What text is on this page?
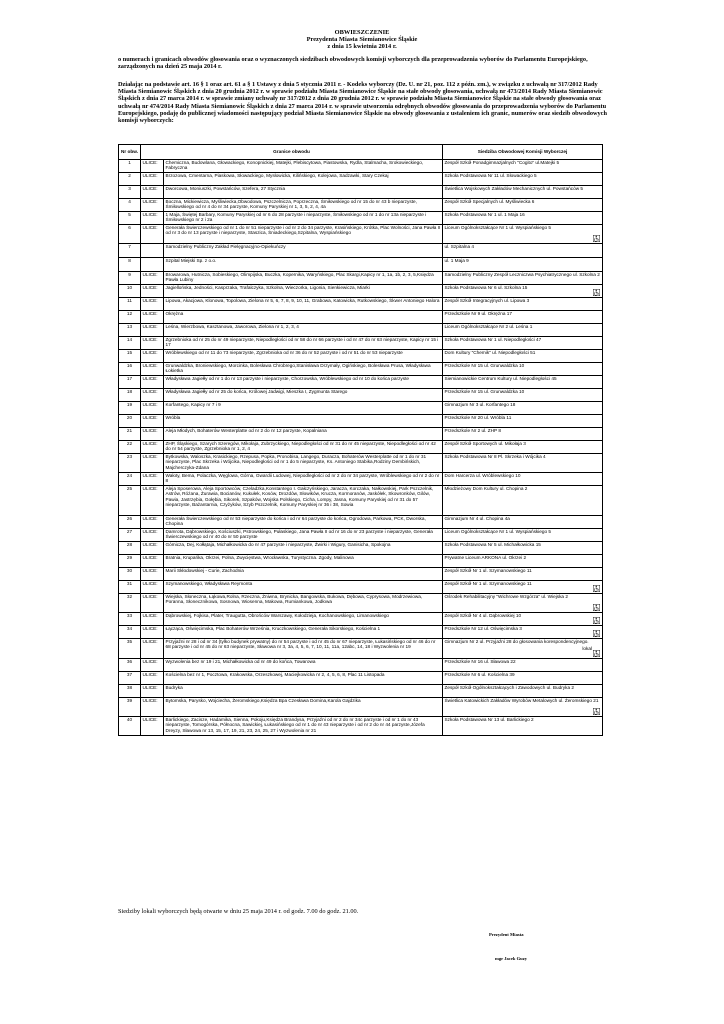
OBWIESZCZENIE
Prezydenta Miasta Siemianowice Śląskie
z dnia 15 kwietnia 2014 r.
o numerach i granicach obwodów głosowania oraz o wyznaczonych siedzibach obwodowych komisji wyborczych dla przeprowadzenia wyborów do Parlamentu Europejskiego, zarządzonych na dzień 25 maja 2014 r.
Działając na podstawie art. 16 § 1 oraz art. 61 a § 1 Ustawy z dnia 5 stycznia 2011 r. - Kodeks wyborczy (Dz. U. nr 21, poz. 112 z późn. zm.), w związku z uchwałą nr 317/2012 Rady Miasta Siemianowic Śląskich z dnia 20 grudnia 2012 r. w sprawie podziału Miasta Siemianowice Śląskie na stałe obwody głosowania, uchwałą nr 473/2014 Rady Miasta Siemianowic Śląskich z dnia 27 marca 2014 r. w sprawie zmiany uchwały nr 317/2012 z dnia 20 grudnia 2012 r. w sprawie podziału Miasta Siemianowice Śląskie na stałe obwody głosowania oraz uchwałą nr 474/2014 Rady Miasta Siemianowic Śląskich z dnia 27 marca 2014 r. w sprawie utworzenia odrębnych obwodów głosowania do przeprowadzenia wyborów do Parlamentu Europejskiego, podaję do publicznej wiadomości następujący podział Miasta Siemianowice Śląskie na obwody głosowania z ustaleniem ich granic, numerów oraz siedzib obwodowych komisji wyborczych:
Nr obw.	Granice obwodu		Siedziba Obwodowej Komisji Wyborczej
1	ULICE:	Chemiczna, Budowlana, Głowackiego, Konopnickiej, Matejki, Plebiscytowa, Piastowska, Rydla, Stalmacha, Srokowieckiego, Fabryczna	Zespół Szkół Ponadgimnazjalnych "Cogito" ul.Matejki 5
2	ULICE:	Brzozowa, Cmentarna, Piaskowa, Słowackiego, Mysłowicka, Kilińskiego, Kolejowa, Sadzawki, Stary Czekaj	Szkoła Podstawowa Nr 11 ul. Słowackiego 5
3	ULICE:	Dworcowa, Moniuszki, Powstańców, Szefera, 27 Stycznia	Świetlica Wojskowych Zakładów Mechanicznych ul. Powstańców 5
4	ULICE:	Boczna, Mickiewicza, Myśliwiecka,Obwodowa, Pszczelnicza, Poprzeczna, Śmiłowskiego od nr 15 do nr 43 b nieparzyste, Śmiłowskiego od nr 4 do nr 34 parzyste, Komuny Paryskiej nr 1, 3, 5, 2, 4, 4a	Zespół Szkół Specjalnych ul. Myśliwiecka 6
5	ULICE:	1 Maja, Świętej Barbary, Komuny Paryskiej od nr 6 do 28 parzyste i nieparzyste, Śmiłowskiego od nr 1 do nr 13a nieparzyste i Śmiłowskiego nr 2 i 2a	Szkoła Podstawowa Nr 1 ul. 1 Maja 16
6	ULICE:	Generała Świerczewskiego od nr 1 do nr 51 nieparzyste i od nr 2 do 34 parzyste, Krasińskiego, Krótka, Plac Wolności, Jana Pawła II od nr 3 do nr 13 parzyste i nieparzyste, Staszica, Śniadeckiego,Szpitalna, Wyspiańskiego	Liceum Ogólnokształcące Nr 1 ul. Wyspiańskiego 5

7		Samodzielny Publiczny Zakład Pielęgnacyjno-Opiekuńczy	ul. Szpitalna 4
8		Szpital Miejski Sp. z o.o.	ul. 1 Maja 9
9	ULICE:	Browarowa, Hutnicza, Sobieskiego, Olimpijska, Buczka, Kopernika, Waryńskiego, Plac Skargi,Kapicy nr 1, 1a, 1b, 2, 3, 5,Księdza Pawła Lubiny	Samodzielny Publiczny Zespół Leczniczwa Psychiatrycznego ul. Szkolna 2
10	ULICE:	Jagiellońska, Jedności, Kasprzaka, Trafalczyka, Szkolna, Wieczorka, Ligonia, Sienkiewicza, Miarki	Szkoła Podstawowa Nr 6 ul. Szkolna 15

11	ULICE:	Lipowa, Akacjowa, Klonowa, Topolowa, Zielona nr 5, 6, 7, 8, 9, 10, 11, Grabowa, Katowicka, Rutkowskiego, Śkwer Antoniego Halora	Zespół Szkół Integracyjnych ul. Lipowa 3
12	ULICE:	Okrężna	Przedszkole Nr 9 ul. Okrężna 17
13	ULICE:	Leśna, Wierzbowa, Kasztanowa, Jaworowa, Zielona nr 1, 2, 3, 4	Liceum Ogólnokształcące Nr 2 ul. Leśna 1
14	ULICE:	Zgrzebnioka od nr 25 do nr 49 nieparzyste, Niepodległości od nr 58 do nr 66 parzyste i od nr 47 do nr 63 nieparzyste, Kapicy nr 15 i 17	Szkoła Podstawowa Nr 1 ul. Niepodległości 47
15	ULICE:	Wróblewskiego od nr 11 do 73 nieparzyste, Zgrzebnioka od nr 36 do nr 52 parzyste i od nr 51 do nr 53 nieparzyste	Dom Kultury "Chemik" ul. Niepodległości 51
16	ULICE:	Grunwaldzka, Broniewskiego, Morcinka, Bolesława Chrobrego,Stanisława Drzymały, Ogińskiego, Bolesława Prusa, Władysława Łokietka	Przedszkole Nr 15 ul. Grunwaldzka 10
17	ULICE:	Władysława Jagiełły od nr 1 do nr 13 parzyste i nieparzyste, Chorzowska, Wróblewskiego od nr 10 do końca parzyste	Siemianowickie Centrum Kultury ul. Niepodległości 45
18	ULICE:	Władysława Jagiełły od nr 25 do końca, Królowej Jadwigi, Mieszka I, Zygmunta Starego	Przedszkole Nr 15 ul. Grunwaldzka 10
19	ULICE:	Korfantego, Kapicy nr 7 i 9	Gimnazjum Nr 3 ul. Korfantego 18
20	ULICE:	Wróbla	Przedszkole Nr 20 ul. Wróbla 11
21	ULICE:	Aleja Młodych, Bohaterów Westerplatte od nr 2 do nr 12 parzyste, Kopalniana	Przedszkole Nr 2 ul. ZHP 8
22	ULICE:	ZHP, Śląskiego, Szarych Szeregów, Mikołaja, Zubrzyckiego, Niepodległości od nr 31 do nr 45 nieparzyste, Niepodległości od nr 42 do nr 54 parzyste, Zgrzebnioka nr 1, 2, 4	Zespół Szkół Sportowych ul. Mikołaja 3
23	ULICE:	Bytkowska, Waloszka, Krasickiego, Rzepusa, Popka, Pronobisa, Langego, Duracza, Bohaterów Westerplatte od nr 1 do nr 31 nieparzyste, Plac Skrzeka i Wójcika, Niepodległości od nr 1 do 5 nieparzyste, Ks. Antoniego Stabika,Rodziny Dembińskich, Majcherczyka-Zdana	Szkoła Podstawowa Nr 8 Pl. Skrzeka i Wójcika 4
24	ULICE:	Wałoty, Bema, Polaczka, Węglowa, Górna, Gwardii Ludowej, Niepodległości od nr 2 do nr 34 parzyste, Wróblewskiego od nr 2 do nr 8	Dom Harcerza ul. Wróblewskiego 10
25	ULICE:	Aleja Sposerowa, Aleja Sportowców, Czeladzka,Konstantego I. Gałczyńskiego, Jaracza, Korczaka, Nałkowskiej, Park Pszczelnik, Astrów, Różana, Żurawia, Bocianów, Kukułek, Kosów, Drozdów, Słowików, Krucza, Kormoranów, Jaskółek, Skowronków, Gilów, Pawia, Jastrzębia, Gołębia, Sikorek, Szpaków, Wojska Polskiego, Cicha, Lompy, Jasna, Komuny Paryskiej od nr 31 do 57 nieparzyste, Bażantarnia, Czyżyków, Szyb Pszczelnik, Komuny Paryskiej nr 36 i 38, Sowia	Młodzieżowy Dom Kultury ul. Chopina 2
26	ULICE:	Generała Świerczewskiego od nr 53 nieparzyste do końca i od nr 64 parzyste do końca, Ogrodowa, Parkowa, PCK, Dworska, Chopina	Gimnazjum Nr 4 ul. Chopina 4a
27	ULICE:	Damrota, Dąbrowskiego, Kościuszki, Pstrowskiego, Pułaskiego, Jana Pawła II od nr 16 do nr 23 parzyste i nieparzyste, Generała Świerczewskiego od nr 40 do nr 50 parzyste	Liceum Ogólnokształcące Nr 1 ul. Wyspiańskiego 5
28	ULICE:	Gómicza, Dej, Kołłątaja, Michałkowicka do nr 47 parzyste i nieparzyste, Żwirki i Wigury, Ganisicha, Spokojna	Szkoła Podstawowa Nr 5 ul. Michałkowicka 15
29	ULICE:	Bratnia, Krupańka, Okrzei, Polna, Zwycięstwa, Wrocławska, Turystyczna. Zgody, Malinowa	Prywatne Liceum ARKONA ul. Okrzei 2
30	ULICE:	Marii Skłodowskiej - Curie, Zachodnia	Zespół Szkół Nr 1 ul. Szymanowskiego 11
31	ULICE:	Szymanowskiego, Władysława Reymonta	Zespół Szkół Nr 1 ul. Szymanowskiego 11

32	ULICE:	Wiejska, Słoneczna, Łąkowa,Rolna, Rzeczna, Żniwna, Brynicka, Bangowska, Bukowa, Dębowa, Cyprysowa, Modrzewiowa, Poranna, Słonecznikowa, Sosnowa, Wiosenna, Makowa, Rumiankowa, Jodłowa	Ośrodek Rehabilitacyjny "Wichrowe Wzgórza" ul. Wiejska 2

33	ULICE:	Dąbrowskiej, Fojkisa, Plater, Traugutta, Obrońców Warszawy, Kołodzieja, Kochanowskiego, Limanowskiego	Zespół Szkół Nr 4 ul. Dąbrowskiej 10

34	ULICE:	Łącząca, Oświęcimska, Plac Bohaterów Września, Kruczkowskiego, Generała Sikorskiego, Kościelna 1	Przedszkole Nr 12 ul. Oświęcimska 3

35	ULICE:	Przyjaźni nr 28 i od nr 34 (tylko budynek prywatny) do nr 54 parzyste i od nr 45 do nr 67 nieparzyste, Łukasińskiego od nr 46 do nr 68 parzyste i od nr 45 do nr 63 nieparzyste, Sławowa nr 3, 3a, 4, 5, 6, 7, 10, 11, 11a, 12abc, 14, 18 i Wyzwolenia nr 19	Gimnazjum Nr 2 ul. Przyjaźni 28 do głosowania korespondencyjnego.
lokal

36	ULICE:	Wyzwolenia bez nr 19 i 21, Michałkowicka od nr 49 do końca, Towarowa	Przedszkole Nr 16 ul. Sławowa 22
37	ULICE:	Kościelna bez nr 1, Pocztowa, Krakowska, Orzeszkowej, Maciejkowicka nr 2, 4, 5, 6, 8, Plac 11 Listopada	Przedszkole Nr 6 ul. Kościelna 39
38	ULICE:	Budryka	Zespół Szkół Ogólnokształcących i Zawodowych ul. Budryka 2
39	ULICE:	Bytomska, Parysko, Wojciecha, Żeromskiego,Księdza Bpa Czesława Domina,Karola Gajdzika	Świetlica Katowickich Zakładów Wyrobów Metalowych ul. Żeromskiego 21

40	ULICE:	Barlickiego, Zacisze, Hadamika, Sienna, Pokoju,Księdza Brandysa, Przyjaźni od nr 2 do nr 34c parzyste i od nr 1 do nr 43 nieparzyste, Tomogórska, Północna, Sawickiej, Łukasińskiego od nr 1 do nr 43 nieparzyste i od nr 2 do nr 44 parzyste,Józefa Dreyzy, Sławowa nr 13, 15, 17, 19, 21, 23, 24, 25, 27 i Wyzwolenia nr 21	Szkoła Podstawowa Nr 13 ul. Barlickiego 2
Siedziby lokali wyborczych będą otwarte w dniu 25 maja 2014 r. od godz. 7.00 do godz. 21.00.
Prezydent Miasta
mgr Jacek Guzy
